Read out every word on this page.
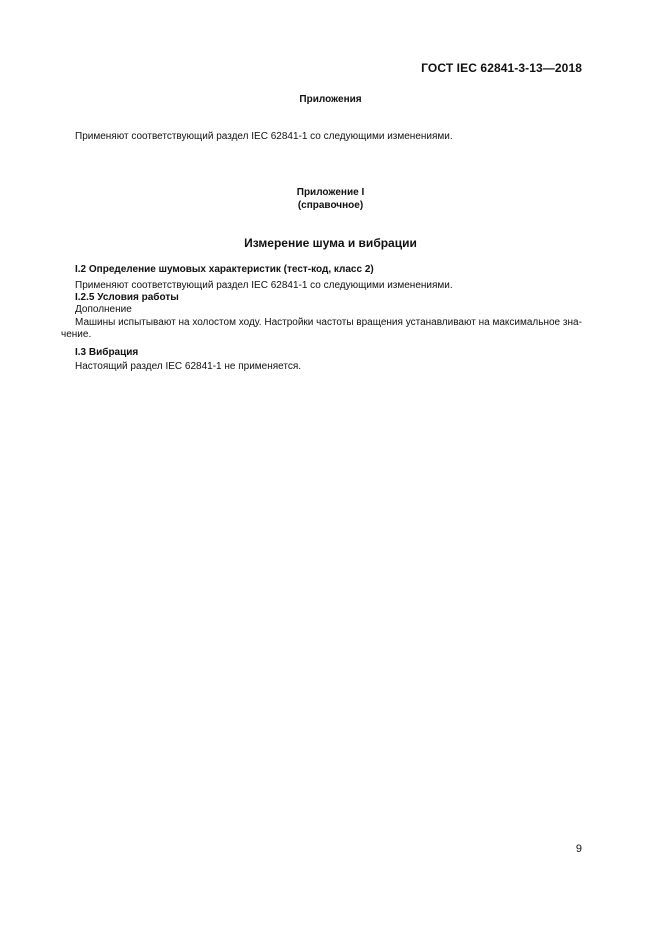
ГОСТ IEC 62841-3-13—2018
Приложения
Применяют соответствующий раздел IEC 62841-1 со следующими изменениями.
Приложение I
(справочное)
Измерение шума и вибрации
I.2 Определение шумовых характеристик (тест-код, класс 2)
Применяют соответствующий раздел IEC 62841-1 со следующими изменениями.
I.2.5 Условия работы
Дополнение
Машины испытывают на холостом ходу. Настройки частоты вращения устанавливают на максимальное зна-
чение.
I.3 Вибрация
Настоящий раздел IEC 62841-1 не применяется.
9
